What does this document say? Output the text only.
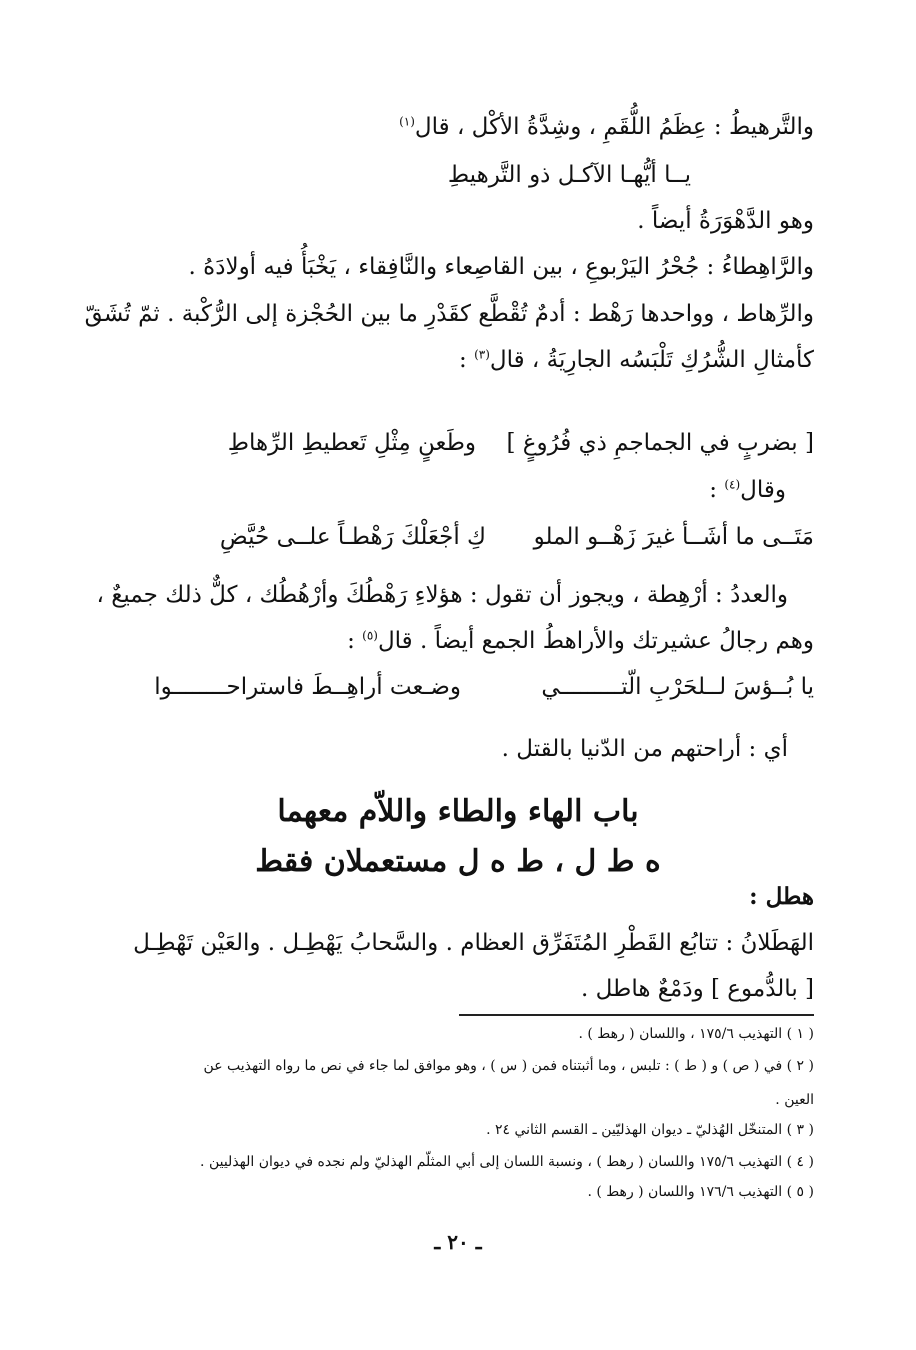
والتَّرهيطُ : عِظَمُ اللُّقَمِ ، وشِدَّةُ الأكْل ، قال$^{(١)}$
يــا أيُّهـا الآكـل ذو التَّرهيطِ
وهو الدَّهْوَرَةُ أيضاً .
والرَّاهِطاءُ : جُحْرُ اليَرْبوعِ ، بين القاصِعاء والنَّافِقاء ، يَخْبَأُ فيه أولادَهُ .
والرِّهاط ، وواحدها رَهْط : أدمٌ تُقْطَّع كقَدْرِ ما بين الحُجْزة إلى الرُّكْبة . ثمّ تُشَقّ
كأمثالِ الشُّرُكِ تَلْبَسُه الجارِيَةُ ، قال$^{(٣)}$ :
[ بضربٍ في الجماجمِ ذي فُرُوغٍ ]
وطَعنٍ مِثْلِ تَعطيطِ الرِّهاطِ
وقال$^{(٤)}$ :
مَتَــى ما أشَــأ غيرَ زَهْــو الملو
كِ أجْعَلْكَ رَهْطـاً علــى حُيَّضِ
والعددُ : أرْهِطة ، ويجوز أن تقول : هؤلاءِ رَهْطُكَ وأرْهُطُك ، كلٌّ ذلك جميعٌ ،
وهم رجالُ عشيرتك والأراهطُ الجمع أيضاً . قال$^{(٥)}$ :
يا بُــؤسَ لــلحَرْبِ الّتـــــــــي
وضـعت أراهِــطَ فاستراحــــــــوا
أي : أراحتهم من الدّنيا بالقتل .
باب الهاء والطاء واللاّم معهما
ه ط ل ، ط ه ل مستعملان فقط
هطل :
الهَطَلانُ : تتابُع القَطْرِ المُتَفَرِّق العظام . والسَّحابُ يَهْطِـل . والعَيْن تَهْطِـل
[ بالدُّموع ] ودَمْعٌ هاطل .
( ١ ) التهذيب ١٧٥/٦ ، واللسان ( رهط ) .
( ٢ ) في ( ص ) و ( ط ) : تلبس ، وما أثبتناه فمن ( س ) ، وهو موافق لما جاء في نص ما رواه التهذيب عن
العين .
( ٣ ) المتنخّل الهُذليّ ـ ديوان الهذليّين ـ القسم الثاني ٢٤ .
( ٤ ) التهذيب ١٧٥/٦ واللسان ( رهط ) ، ونسبة اللسان إلى أبي المثلّم الهذليّ ولم نجده في ديوان الهذليين .
( ٥ ) التهذيب ١٧٦/٦ واللسان ( رهط ) .
ـ ٢٠ ـ
